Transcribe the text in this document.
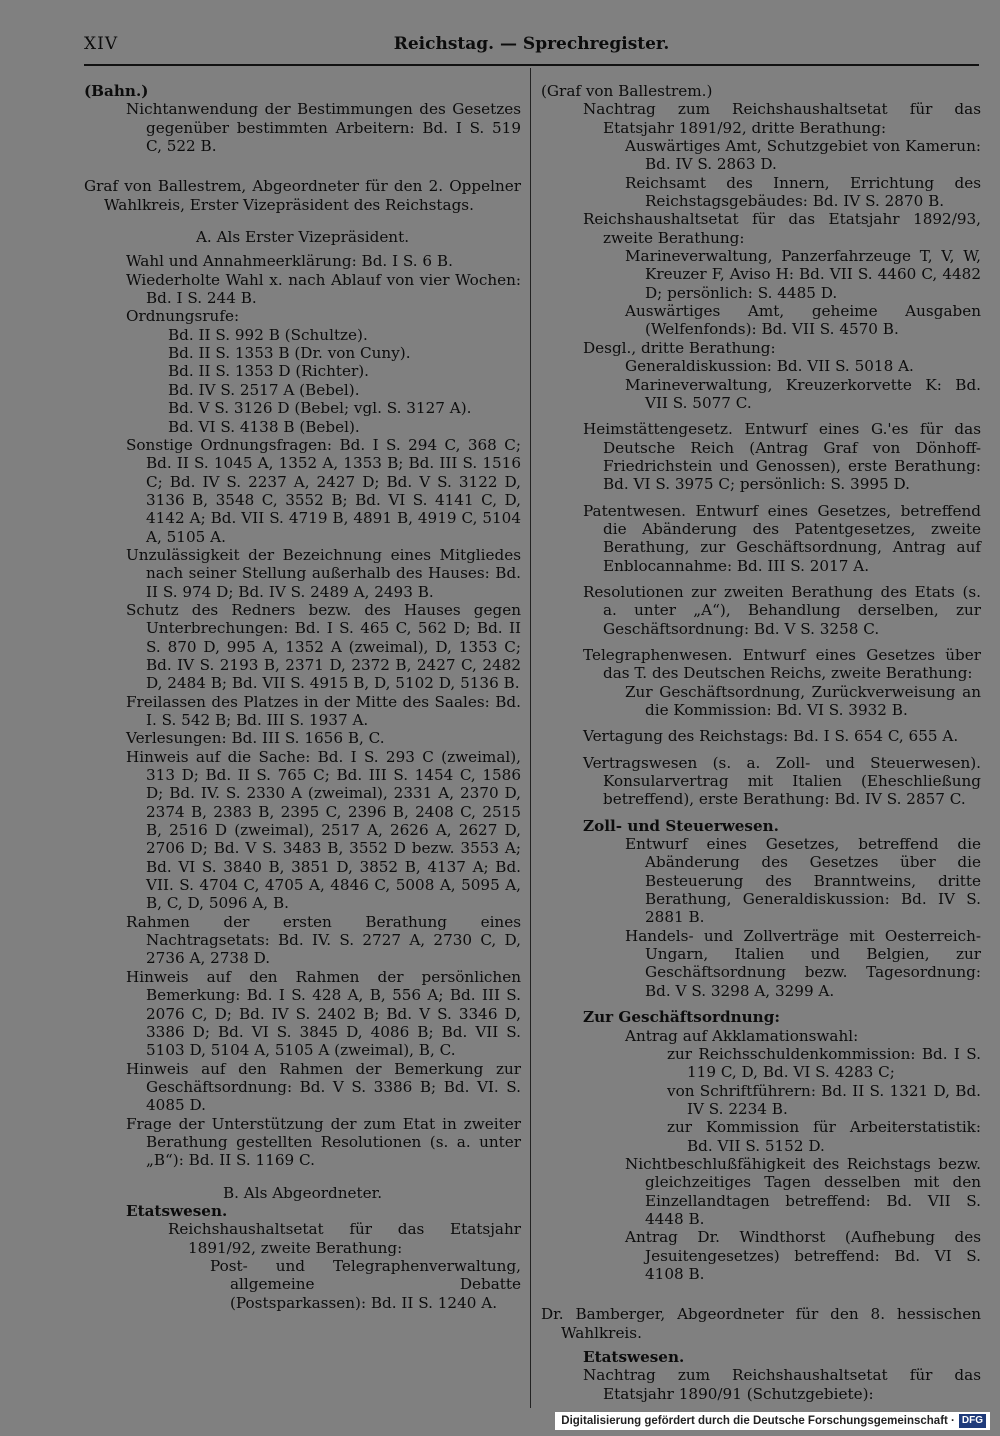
XIV	Reichstag. — Sprechregister.

(Bahn.)

Nichtanwendung der Bestimmungen des Gesetzes gegenüber bestimmten Arbeitern: Bd. I S. 519 C, 522 B.

Graf von Ballestrem, Abgeordneter für den 2. Oppelner Wahlkreis, Erster Vizepräsident des Reichstags.

A. Als Erster Vizepräsident.

Wahl und Annahmeerklärung: Bd. I S. 6 B.

Wiederholte Wahl x. nach Ablauf von vier Wochen: Bd. I S. 244 B.

Ordnungsrufe:

Bd. II S. 992 B (Schultze).

Bd. II S. 1353 B (Dr. von Cuny).

Bd. II S. 1353 D (Richter).

Bd. IV S. 2517 A (Bebel).

Bd. V S. 3126 D (Bebel; vgl. S. 3127 A).

Bd. VI S. 4138 B (Bebel).

Sonstige Ordnungsfragen: Bd. I S. 294 C, 368 C; Bd. II S. 1045 A, 1352 A, 1353 B; Bd. III S. 1516 C; Bd. IV S. 2237 A, 2427 D; Bd. V S. 3122 D, 3136 B, 3548 C, 3552 B; Bd. VI S. 4141 C, D, 4142 A; Bd. VII S. 4719 B, 4891 B, 4919 C, 5104 A, 5105 A.

Unzulässigkeit der Bezeichnung eines Mitgliedes nach seiner Stellung außerhalb des Hauses: Bd. II S. 974 D; Bd. IV S. 2489 A, 2493 B.

Schutz des Redners bezw. des Hauses gegen Unterbrechungen: Bd. I S. 465 C, 562 D; Bd. II S. 870 D, 995 A, 1352 A (zweimal), D, 1353 C; Bd. IV S. 2193 B, 2371 D, 2372 B, 2427 C, 2482 D, 2484 B; Bd. VII S. 4915 B, D, 5102 D, 5136 B.

Freilassen des Platzes in der Mitte des Saales: Bd. I. S. 542 B; Bd. III S. 1937 A.

Verlesungen: Bd. III S. 1656 B, C.

Hinweis auf die Sache: Bd. I S. 293 C (zweimal), 313 D; Bd. II S. 765 C; Bd. III S. 1454 C, 1586 D; Bd. IV. S. 2330 A (zweimal), 2331 A, 2370 D, 2374 B, 2383 B, 2395 C, 2396 B, 2408 C, 2515 B, 2516 D (zweimal), 2517 A, 2626 A, 2627 D, 2706 D; Bd. V S. 3483 B, 3552 D bezw. 3553 A; Bd. VI S. 3840 B, 3851 D, 3852 B, 4137 A; Bd. VII. S. 4704 C, 4705 A, 4846 C, 5008 A, 5095 A, B, C, D, 5096 A, B.

Rahmen der ersten Berathung eines Nachtragsetats: Bd. IV. S. 2727 A, 2730 C, D, 2736 A, 2738 D.

Hinweis auf den Rahmen der persönlichen Bemerkung: Bd. I S. 428 A, B, 556 A; Bd. III S. 2076 C, D; Bd. IV S. 2402 B; Bd. V S. 3346 D, 3386 D; Bd. VI S. 3845 D, 4086 B; Bd. VII S. 5103 D, 5104 A, 5105 A (zweimal), B, C.

Hinweis auf den Rahmen der Bemerkung zur Geschäftsordnung: Bd. V S. 3386 B; Bd. VI. S. 4085 D.

Frage der Unterstützung der zum Etat in zweiter Berathung gestellten Resolutionen (s. a. unter „B“): Bd. II S. 1169 C.

B. Als Abgeordneter.

Etatswesen.

Reichshaushaltsetat für das Etatsjahr 1891/92, zweite Berathung:

Post- und Telegraphenverwaltung, allgemeine Debatte (Postsparkassen): Bd. II S. 1240 A.

(Graf von Ballestrem.)

Nachtrag zum Reichshaushaltsetat für das Etatsjahr 1891/92, dritte Berathung:

Auswärtiges Amt, Schutzgebiet von Kamerun: Bd. IV S. 2863 D.

Reichsamt des Innern, Errichtung des Reichstagsgebäudes: Bd. IV S. 2870 B.

Reichshaushaltsetat für das Etatsjahr 1892/93, zweite Berathung:

Marineverwaltung, Panzerfahrzeuge T, V, W, Kreuzer F, Aviso H: Bd. VII S. 4460 C, 4482 D; persönlich: S. 4485 D.

Auswärtiges Amt, geheime Ausgaben (Welfenfonds): Bd. VII S. 4570 B.

Desgl., dritte Berathung:

Generaldiskussion: Bd. VII S. 5018 A.

Marineverwaltung, Kreuzerkorvette K: Bd. VII S. 5077 C.

Heimstättengesetz. Entwurf eines G.'es für das Deutsche Reich (Antrag Graf von Dönhoff-Friedrichstein und Genossen), erste Berathung: Bd. VI S. 3975 C; persönlich: S. 3995 D.

Patentwesen. Entwurf eines Gesetzes, betreffend die Abänderung des Patentgesetzes, zweite Berathung, zur Geschäftsordnung, Antrag auf Enblocannahme: Bd. III S. 2017 A.

Resolutionen zur zweiten Berathung des Etats (s. a. unter „A“), Behandlung derselben, zur Geschäftsordnung: Bd. V S. 3258 C.

Telegraphenwesen. Entwurf eines Gesetzes über das T. des Deutschen Reichs, zweite Berathung:

Zur Geschäftsordnung, Zurückverweisung an die Kommission: Bd. VI S. 3932 B.

Vertagung des Reichstags: Bd. I S. 654 C, 655 A.

Vertragswesen (s. a. Zoll- und Steuerwesen). Konsularvertrag mit Italien (Eheschließung betreffend), erste Berathung: Bd. IV S. 2857 C.

Zoll- und Steuerwesen.

Entwurf eines Gesetzes, betreffend die Abänderung des Gesetzes über die Besteuerung des Branntweins, dritte Berathung, Generaldiskussion: Bd. IV S. 2881 B.

Handels- und Zollverträge mit Oesterreich-Ungarn, Italien und Belgien, zur Geschäftsordnung bezw. Tagesordnung: Bd. V S. 3298 A, 3299 A.

Zur Geschäftsordnung:

Antrag auf Akklamationswahl:

zur Reichsschuldenkommission: Bd. I S. 119 C, D, Bd. VI S. 4283 C;

von Schriftführern: Bd. II S. 1321 D, Bd. IV S. 2234 B.

zur Kommission für Arbeiterstatistik: Bd. VII S. 5152 D.

Nichtbeschlußfähigkeit des Reichstags bezw. gleichzeitiges Tagen desselben mit den Einzellandtagen betreffend: Bd. VII S. 4448 B.

Antrag Dr. Windthorst (Aufhebung des Jesuitengesetzes) betreffend: Bd. VI S. 4108 B.

Dr. Bamberger, Abgeordneter für den 8. hessischen Wahlkreis.

Etatswesen.

Nachtrag zum Reichshaushaltsetat für das Etatsjahr 1890/91 (Schutzgebiete):

Digitalisierung gefördert durch die Deutsche Forschungsgemeinschaft · DFG
